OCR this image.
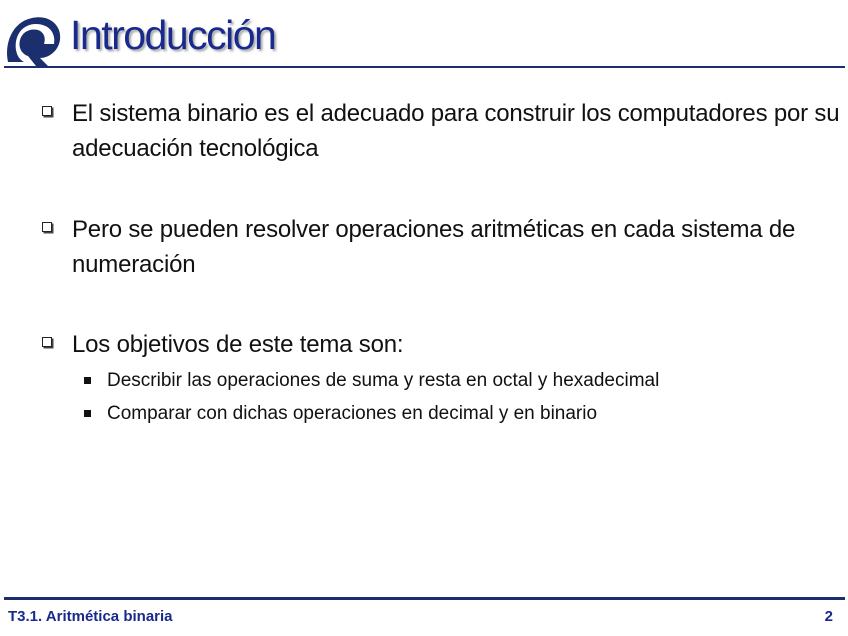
Introducción
El sistema binario es el adecuado para construir los computadores por su adecuación tecnológica
Pero se pueden resolver operaciones aritméticas en cada sistema de numeración
Los objetivos de este tema son:
Describir las operaciones de suma y resta en octal y hexadecimal
Comparar con dichas operaciones en decimal y en binario
T3.1. Aritmética binaria	2
